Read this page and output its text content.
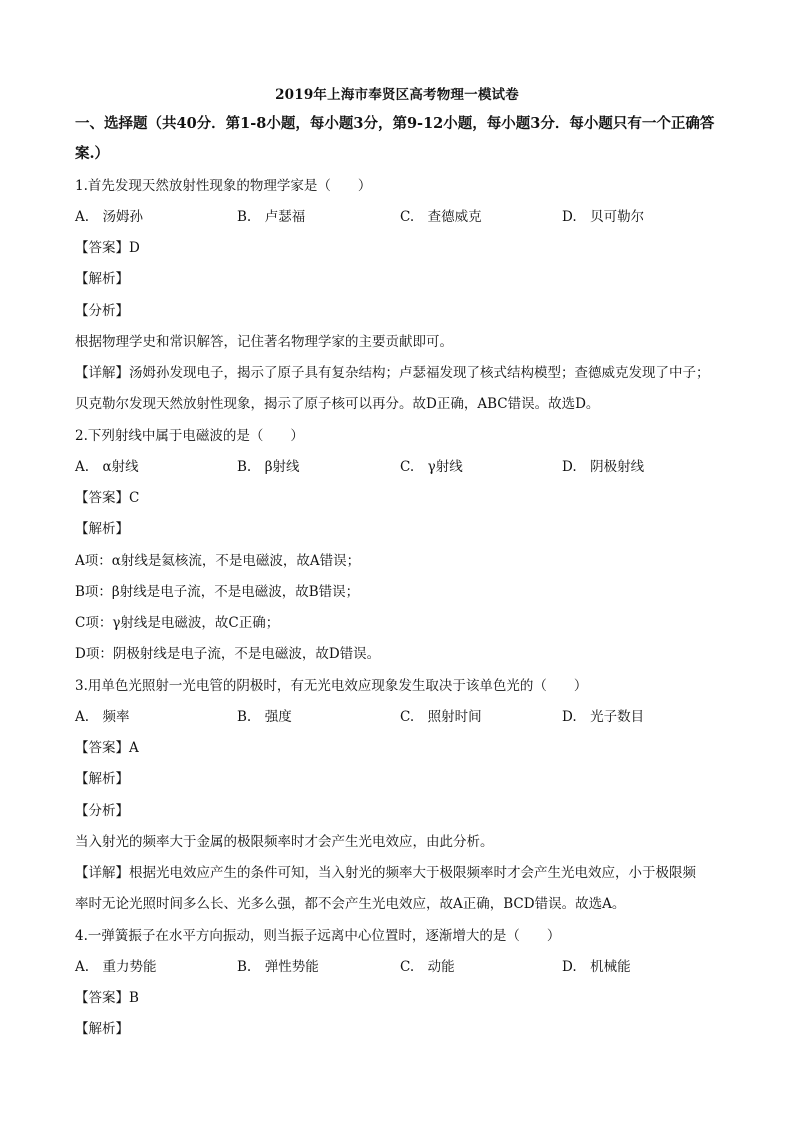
2019年上海市奉贤区高考物理一模试卷
一、选择题（共40分．第1-8小题，每小题3分，第9-12小题，每小题3分．每小题只有一个正确答
案.）
1.首先发现天然放射性现象的物理学家是（　　）
A.　汤姆孙	B.　卢瑟福	C.　查德威克	D.　贝可勒尔
【答案】D
【解析】
【分析】
根据物理学史和常识解答，记住著名物理学家的主要贡献即可。
【详解】汤姆孙发现电子，揭示了原子具有复杂结构；卢瑟福发现了核式结构模型；查德威克发现了中子；
贝克勒尔发现天然放射性现象，揭示了原子核可以再分。故D正确，ABC错误。故选D。
2.下列射线中属于电磁波的是（　　）
A.　α射线	B.　β射线	C.　γ射线	D.　阴极射线
【答案】C
【解析】
A项：α射线是氦核流，不是电磁波，故A错误；
B项：β射线是电子流，不是电磁波，故B错误；
C项：γ射线是电磁波，故C正确；
D项：阴极射线是电子流，不是电磁波，故D错误。
3.用单色光照射一光电管的阴极时，有无光电效应现象发生取决于该单色光的（　　）
A.　频率	B.　强度	C.　照射时间	D.　光子数目
【答案】A
【解析】
【分析】
当入射光的频率大于金属的极限频率时才会产生光电效应，由此分析。
【详解】根据光电效应产生的条件可知，当入射光的频率大于极限频率时才会产生光电效应，小于极限频
率时无论光照时间多么长、光多么强，都不会产生光电效应，故A正确，BCD错误。故选A。
4.一弹簧振子在水平方向振动，则当振子远离中心位置时，逐渐增大的是（　　）
A.　重力势能	B.　弹性势能	C.　动能	D.　机械能
【答案】B
【解析】
